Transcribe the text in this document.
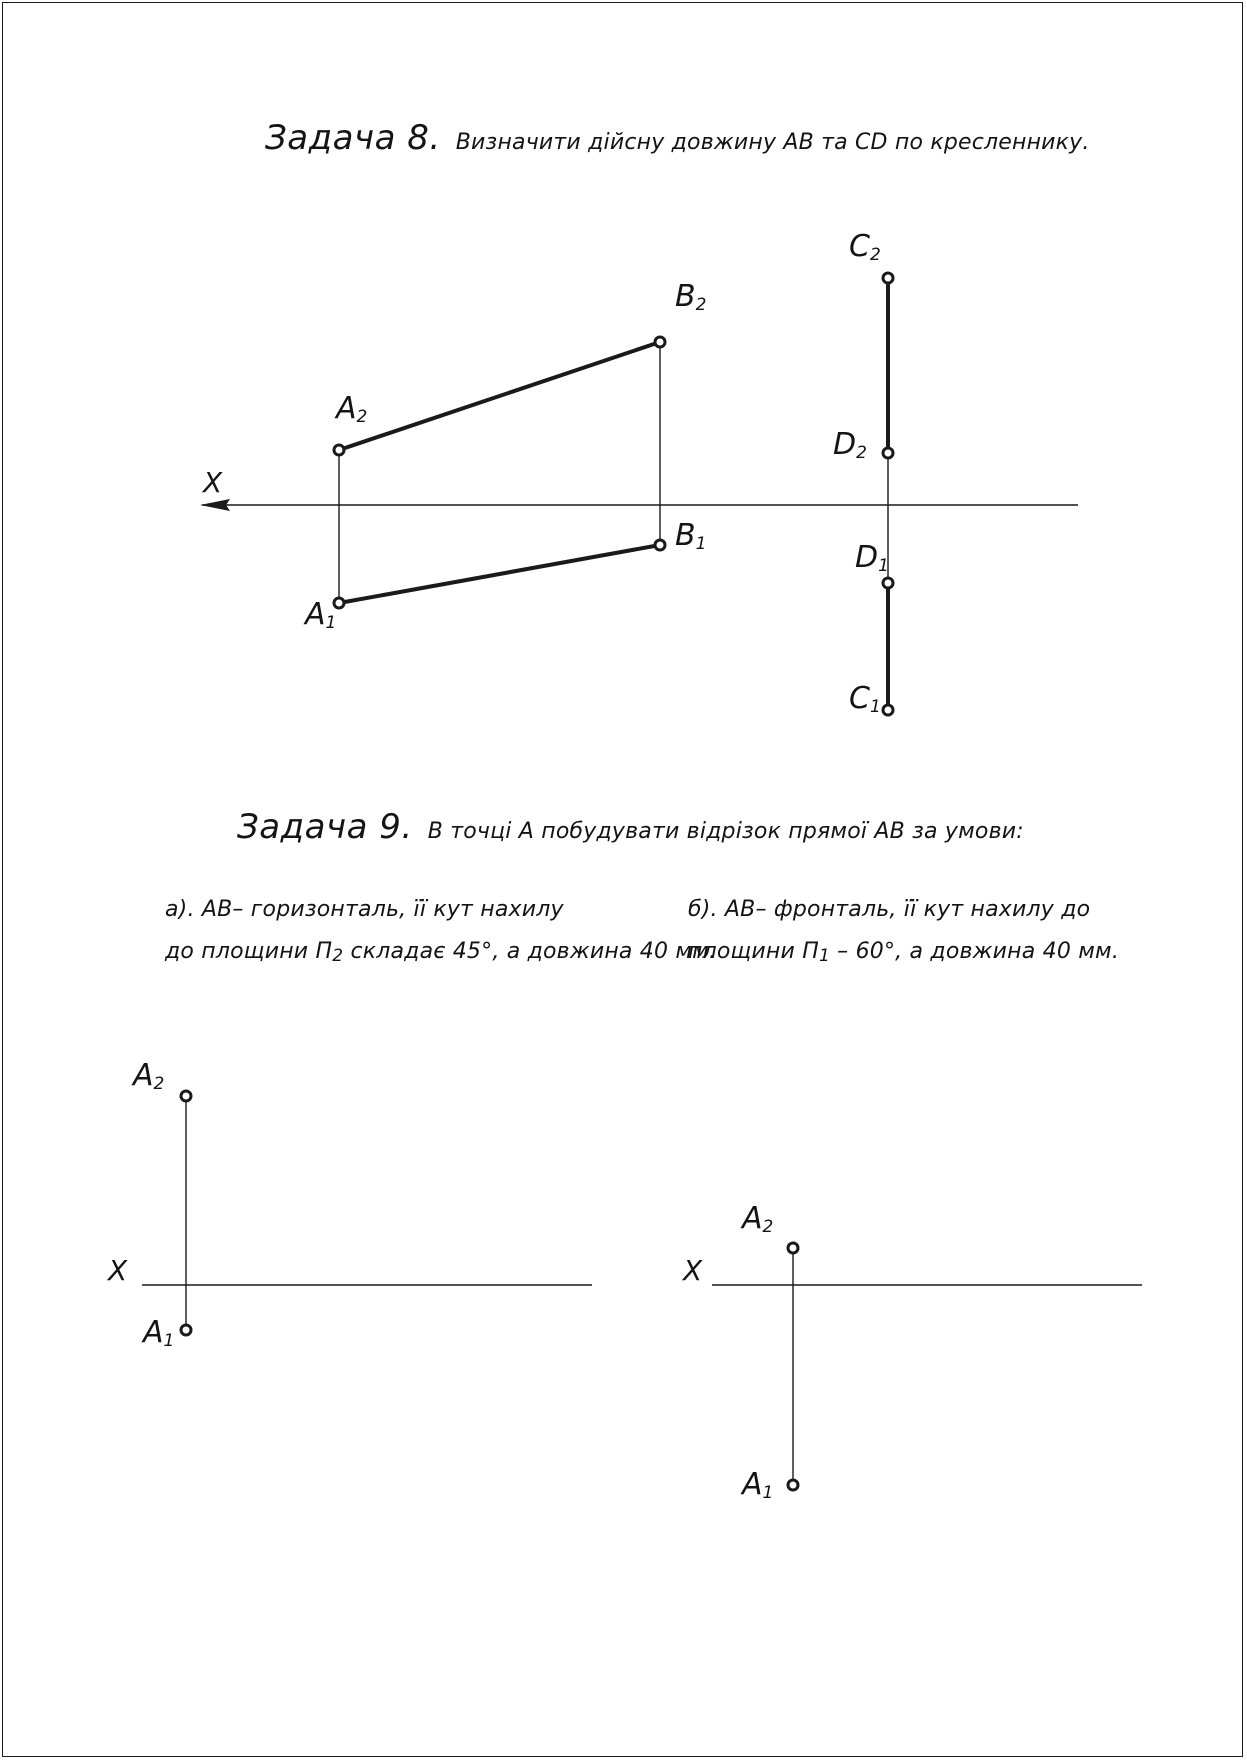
Задача 8. Визначити дійсну довжину AB та CD по кресленнику.
X
A2
B2
A1
B1
C2
D2
D1
C1
Задача 9. В точці А побудувати відрізок прямої AB за умови:
а). AB– горизонталь, її кут нахилу
до площини П2 складає 45°, а довжина 40 мм.
б). AB– фронталь, її кут нахилу до
площини П1 – 60°, а довжина 40 мм.
X
A2
A1
X
A2
A1
